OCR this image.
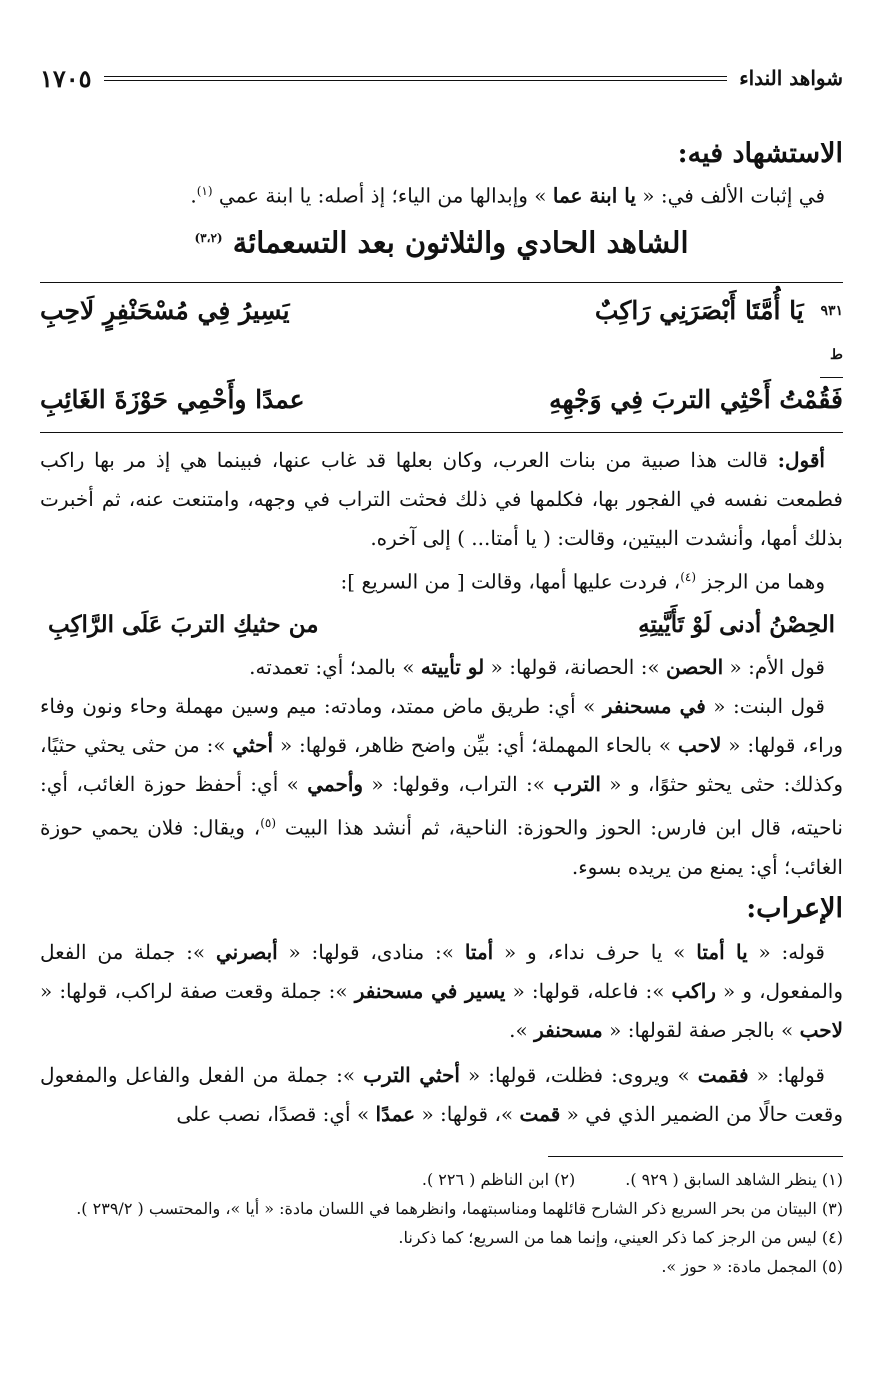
شواهد النداء
١٧٠٥
الاستشهاد فيه:

في إثبات الألف في: « يا ابنة عما » وإبدالها من الياء؛ إذ أصله: يا ابنة عمي $^{(١)}$.

الشاهد الحادي والثلاثون بعد التسعمائة $^{(٣،٢)}$

٩٣١
ط يَا أُمَّتَا أَبْصَرَنِي رَاكِبٌ
يَسِيرُ فِي مُسْحَنْفِرٍ لَاحِبِ
فَقُمْتُ أَحْثِي التربَ فِي وَجْهِهِ
عمدًا وأَحْمِي حَوْزَةَ الغَائِبِ

أقول: قالت هذا صبية من بنات العرب، وكان بعلها قد غاب عنها، فبينما هي إذ مر بها راكب فطمعت نفسه في الفجور بها، فكلمها في ذلك فحثت التراب في وجهه، وامتنعت عنه، ثم أخبرت بذلك أمها، وأنشدت البيتين، وقالت: ( يا أمتا... ) إلى آخره.

وهما من الرجز $^{(٤)}$، فردت عليها أمها، وقالت [ من السريع ]:

الحِصْنُ أدنى لَوْ تَأَيَّيتِهِ
من حثيكِ التربَ عَلَى الرَّاكِبِ

قول الأم: « الحصن »: الحصانة، قولها: « لو تأييته » بالمد؛ أي: تعمدته.

قول البنت: « في مسحنفر » أي: طريق ماض ممتد، ومادته: ميم وسين مهملة وحاء ونون وفاء وراء، قولها: « لاحب » بالحاء المهملة؛ أي: بيِّن واضح ظاهر، قولها: « أحثي »: من حثى يحثي حثيًا، وكذلك: حثى يحثو حثوًا، و « الترب »: التراب، وقولها: « وأحمي » أي: أحفظ حوزة الغائب، أي: ناحيته، قال ابن فارس: الحوز والحوزة: الناحية، ثم أنشد هذا البيت $^{(٥)}$، ويقال: فلان يحمي حوزة الغائب؛ أي: يمنع من يريده بسوء.

الإعراب:

قوله: « يا أمتا » يا حرف نداء، و « أمتا »: منادى، قولها: « أبصرني »: جملة من الفعل والمفعول، و « راكب »: فاعله، قولها: « يسير في مسحنفر »: جملة وقعت صفة لراكب، قولها: « لاحب » بالجر صفة لقولها: « مسحنفر ».

قولها: « فقمت » ويروى: فظلت، قولها: « أحثي الترب »: جملة من الفعل والفاعل والمفعول وقعت حالًا من الضمير الذي في « قمت »، قولها: « عمدًا » أي: قصدًا، نصب على

(١) ينظر الشاهد السابق ( ٩٢٩ ).

(٢) ابن الناظم ( ٢٢٦ ).

(٣) البيتان من بحر السريع ذكر الشارح قائلهما ومناسبتهما، وانظرهما في اللسان مادة: « أيا »، والمحتسب ( ٢٣٩/٢ ).

(٤) ليس من الرجز كما ذكر العيني، وإنما هما من السريع؛ كما ذكرنا.

(٥) المجمل مادة: « حوز ».
